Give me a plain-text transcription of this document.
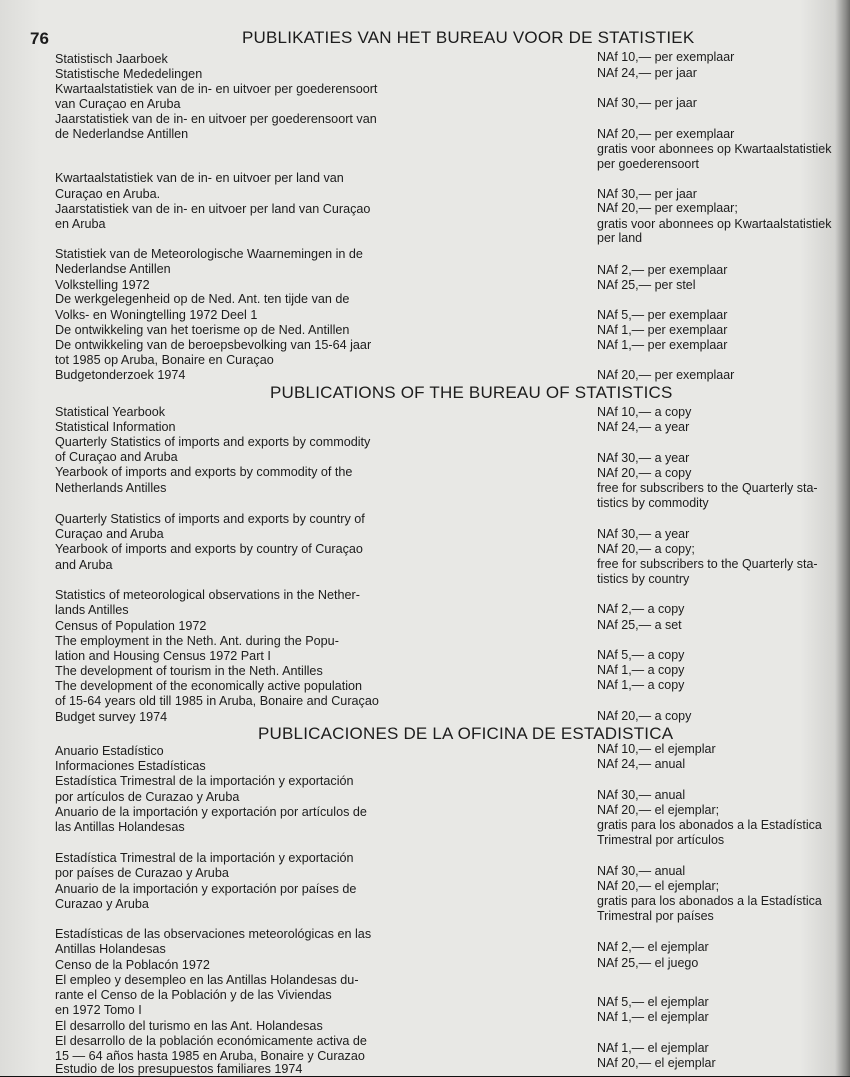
76	PUBLIKATIES VAN HET BUREAU VOOR DE STATISTIEK
Statistisch Jaarboek
Statistische Mededelingen
Kwartaalstatistiek van de in- en uitvoer per goederensoort
van Curaçao en Aruba
Jaarstatistiek van de in- en uitvoer per goederensoort van
de Nederlandse Antillen
Kwartaalstatistiek van de in- en uitvoer per land van
Curaçao en Aruba.
Jaarstatistiek van de in- en uitvoer per land van Curaçao
en Aruba
Statistiek van de Meteorologische Waarnemingen in de
Nederlandse Antillen
Volkstelling 1972
De werkgelegenheid op de Ned. Ant. ten tijde van de
Volks- en Woningtelling 1972 Deel 1
De ontwikkeling van het toerisme op de Ned. Antillen
De ontwikkeling van de beroepsbevolking van 15-64 jaar
tot 1985 op Aruba, Bonaire en Curaçao
Budgetonderzoek 1974
NAf 10,— per exemplaar
NAf 24,— per jaar
NAf 30,— per jaar
NAf 20,— per exemplaar
gratis voor abonnees op Kwartaalstatistiek
per goederensoort
NAf 30,— per jaar
NAf 20,— per exemplaar;
gratis voor abonnees op Kwartaalstatistiek
per land
NAf 2,— per exemplaar
NAf 25,— per stel
NAf 5,— per exemplaar
NAf 1,— per exemplaar
NAf 1,— per exemplaar
NAf 20,— per exemplaar
PUBLICATIONS OF THE BUREAU OF STATISTICS
Statistical Yearbook
Statistical Information
Quarterly Statistics of imports and exports by commodity
of Curaçao and Aruba
Yearbook of imports and exports by commodity of the
Netherlands Antilles
Quarterly Statistics of imports and exports by country of
Curaçao and Aruba
Yearbook of imports and exports by country of Curaçao
and Aruba
Statistics of meteorological observations in the Nether-
lands Antilles
Census of Population 1972
The employment in the Neth. Ant. during the Popu-
lation and Housing Census 1972 Part I
The development of tourism in the Neth. Antilles
The development of the economically active population
of 15-64 years old till 1985 in Aruba, Bonaire and Curaçao
Budget survey 1974
NAf 10,— a copy
NAf 24,— a year
NAf 30,— a year
NAf 20,— a copy
free for subscribers to the Quarterly sta-
tistics by commodity
NAf 30,— a year
NAf 20,— a copy;
free for subscribers to the Quarterly sta-
tistics by country
NAf 2,— a copy
NAf 25,— a set
NAf 5,— a copy
NAf 1,— a copy
NAf 1,— a copy
NAf 20,— a copy
PUBLICACIONES DE LA OFICINA DE ESTADISTICA
Anuario Estadístico
Informaciones Estadísticas
Estadística Trimestral de la importación y exportación
por artículos de Curazao y Aruba
Anuario de la importación y exportación por artículos de
las Antillas Holandesas
Estadística Trimestral de la importación y exportación
por países de Curazao y Aruba
Anuario de la importación y exportación por países de
Curazao y Aruba
Estadísticas de las observaciones meteorológicas en las
Antillas Holandesas
Censo de la Poblacón 1972
El empleo y desempleo en las Antillas Holandesas du-
rante el Censo de la Población y de las Viviendas
en 1972 Tomo I
El desarrollo del turismo en las Ant. Holandesas
El desarrollo de la población económicamente activa de
15 — 64 años hasta 1985 en Aruba, Bonaire y Curazao
Estudio de los presupuestos familiares 1974
NAf 10,— el ejemplar
NAf 24,— anual
NAf 30,— anual
NAf 20,— el ejemplar;
gratis para los abonados a la Estadística
Trimestral por artículos
NAf 30,— anual
NAf 20,— el ejemplar;
gratis para los abonados a la Estadística
Trimestral por países
NAf 2,— el ejemplar
NAf 25,— el juego
NAf 5,— el ejemplar
NAf 1,— el ejemplar
NAf 1,— el ejemplar
NAf 20,— el ejemplar
